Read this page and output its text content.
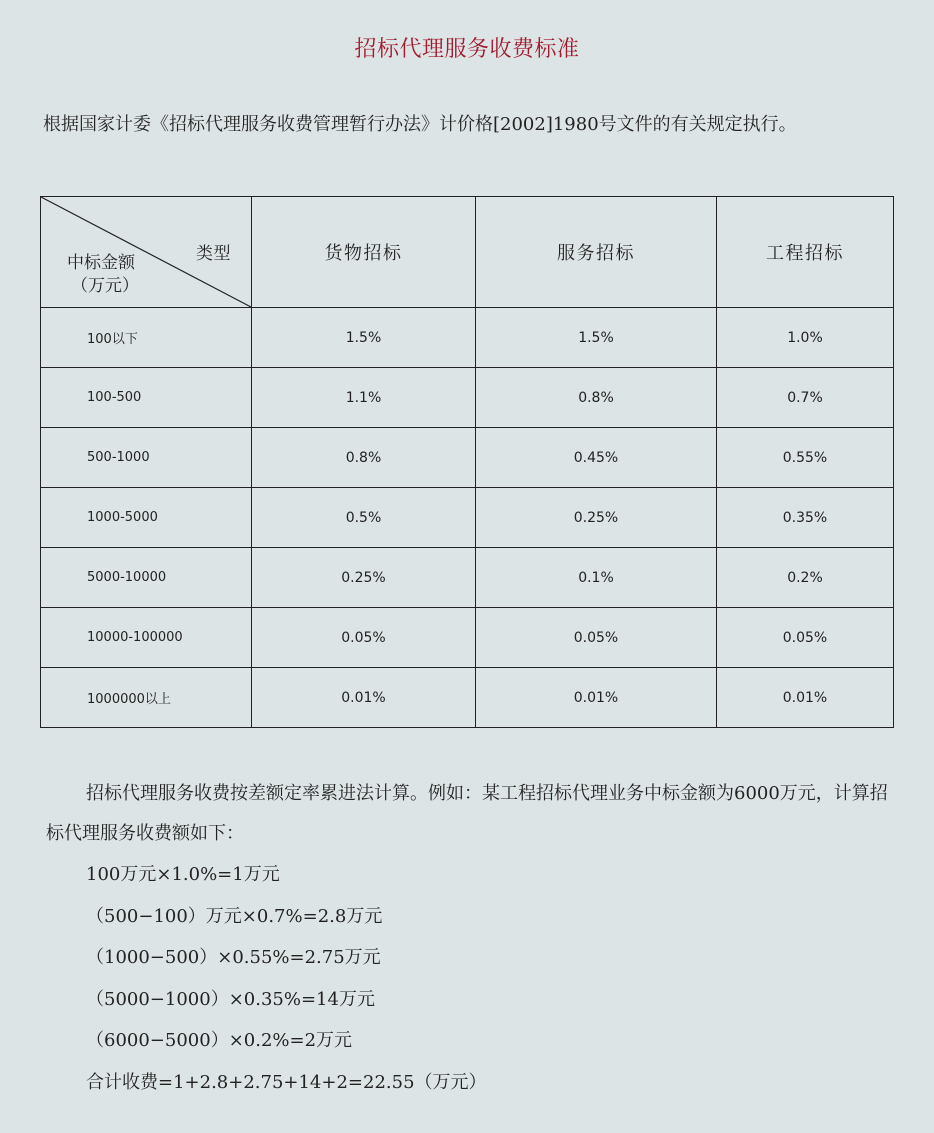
招标代理服务收费标准
根据国家计委《招标代理服务收费管理暂行办法》计价格[2002]1980号文件的有关规定执行。
类型
中标金额
（万元）	货物招标	服务招标	工程招标
100以下	1.5%	1.5%	1.0%
100-500	1.1%	0.8%	0.7%
500-1000	0.8%	0.45%	0.55%
1000-5000	0.5%	0.25%	0.35%
5000-10000	0.25%	0.1%	0.2%
10000-100000	0.05%	0.05%	0.05%
1000000以上	0.01%	0.01%	0.01%

招标代理服务收费按差额定率累进法计算。例如：某工程招标代理业务中标金额为6000万元，计算招标代理服务收费额如下：

100万元×1.0%=1万元
（500−100）万元×0.7%=2.8万元
（1000−500）×0.55%=2.75万元
（5000−1000）×0.35%=14万元
（6000−5000）×0.2%=2万元
合计收费=1+2.8+2.75+14+2=22.55（万元）
